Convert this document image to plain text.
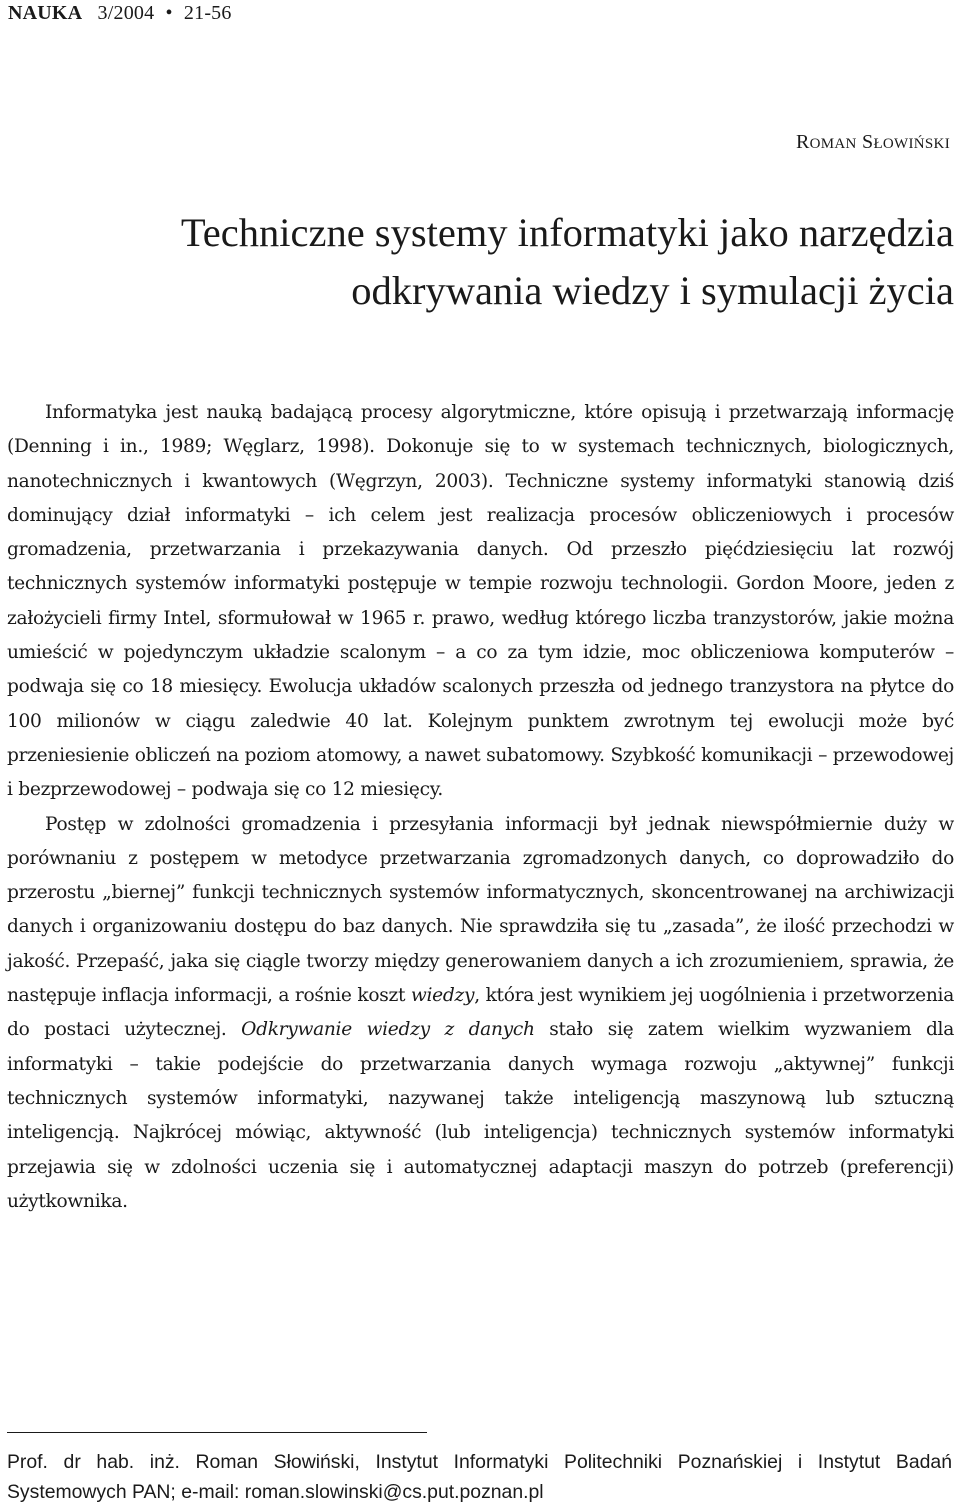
NAUKA 3/2004 • 21-56
ROMAN SŁOWIŃSKI
Techniczne systemy informatyki jako narzędzia
odkrywania wiedzy i symulacji życia

Informatyka jest nauką badającą procesy algorytmiczne, które opisują i przetwarzają informację (Denning i in., 1989; Węglarz, 1998). Dokonuje się to w systemach technicznych, biologicznych, nanotechnicznych i kwantowych (Węgrzyn, 2003). Techniczne systemy informatyki stanowią dziś dominujący dział informatyki – ich celem jest realizacja procesów obliczeniowych i procesów gromadzenia, przetwarzania i przekazywania danych. Od przeszło pięćdziesięciu lat rozwój technicznych systemów informatyki postępuje w tempie rozwoju technologii. Gordon Moore, jeden z założycieli firmy Intel, sformułował w 1965 r. prawo, według którego liczba tranzystorów, jakie można umieścić w pojedynczym układzie scalonym – a co za tym idzie, moc obliczeniowa komputerów – podwaja się co 18 miesięcy. Ewolucja układów scalonych przeszła od jednego tranzystora na płytce do 100 milionów w ciągu zaledwie 40 lat. Kolejnym punktem zwrotnym tej ewolucji może być przeniesienie obliczeń na poziom atomowy, a nawet subatomowy. Szybkość komunikacji – przewodowej i bezprzewodowej – podwaja się co 12 miesięcy.

Postęp w zdolności gromadzenia i przesyłania informacji był jednak niewspółmiernie duży w porównaniu z postępem w metodyce przetwarzania zgromadzonych danych, co doprowadziło do przerostu „biernej” funkcji technicznych systemów informatycznych, skoncentrowanej na archiwizacji danych i organizowaniu dostępu do baz danych. Nie sprawdziła się tu „zasada”, że ilość przechodzi w jakość. Przepaść, jaka się ciągle tworzy między generowaniem danych a ich zrozumieniem, sprawia, że następuje inflacja informacji, a rośnie koszt wiedzy, która jest wynikiem jej uogólnienia i przetworzenia do postaci użytecznej. Odkrywanie wiedzy z danych stało się zatem wielkim wyzwaniem dla informatyki – takie podejście do przetwarzania danych wymaga rozwoju „aktywnej” funkcji technicznych systemów informatyki, nazywanej także inteligencją maszynową lub sztuczną inteligencją. Najkrócej mówiąc, aktywność (lub inteligencja) technicznych systemów informatyki przejawia się w zdolności uczenia się i automatycznej adaptacji maszyn do potrzeb (preferencji) użytkownika.

Prof. dr hab. inż. Roman Słowiński, Instytut Informatyki Politechniki Poznańskiej i Instytut Badań Systemowych PAN; e-mail: roman.slowinski@cs.put.poznan.pl
